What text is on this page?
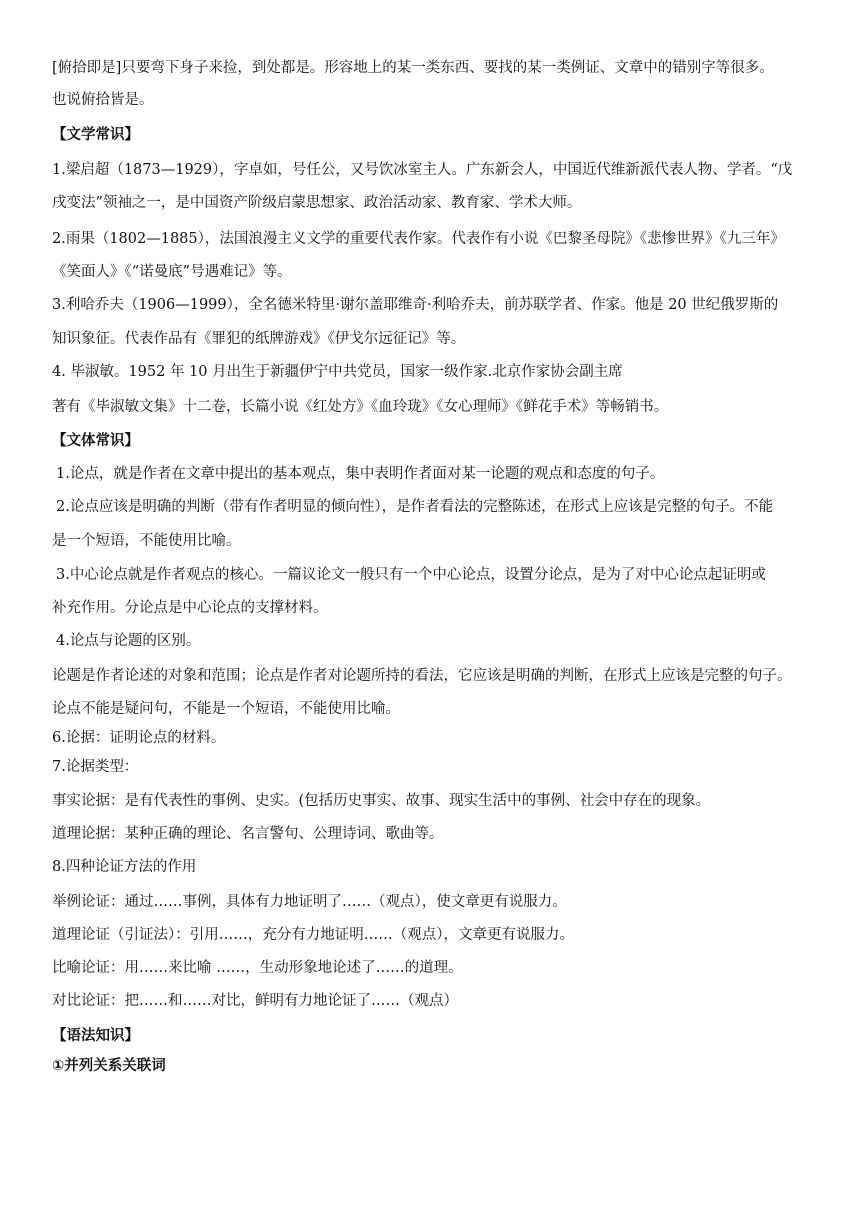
[俯拾即是]只要弯下身子来捡，到处都是。形容地上的某一类东西、要找的某一类例证、文章中的错别字等很多。
也说俯拾皆是。
【文学常识】
1.梁启超（1873—1929），字卓如，号任公，又号饮冰室主人。广东新会人，中国近代维新派代表人物、学者。“戊
戌变法”领袖之一，是中国资产阶级启蒙思想家、政治活动家、教育家、学术大师。
2.雨果（1802—1885），法国浪漫主义文学的重要代表作家。代表作有小说《巴黎圣母院》《悲惨世界》《九三年》
《笑面人》《“诺曼底”号遇难记》等。
3.利哈乔夫（1906—1999），全名德米特里·谢尔盖耶维奇·利哈乔夫，前苏联学者、作家。他是 20 世纪俄罗斯的
知识象征。代表作品有《罪犯的纸牌游戏》《伊戈尔远征记》等。
4. 毕淑敏。1952 年 10 月出生于新疆伊宁中共党员，国家一级作家.北京作家协会副主席
著有《毕淑敏文集》十二卷，长篇小说《红处方》《血玲珑》《女心理师》《鲜花手术》等畅销书。
【文体常识】
1.论点，就是作者在文章中提出的基本观点，集中表明作者面对某一论题的观点和态度的句子。
2.论点应该是明确的判断（带有作者明显的倾向性），是作者看法的完整陈述，在形式上应该是完整的句子。不能
是一个短语，不能使用比喻。
3.中心论点就是作者观点的核心。一篇议论文一般只有一个中心论点，设置分论点，是为了对中心论点起证明或
补充作用。分论点是中心论点的支撑材料。
4.论点与论题的区别。
论题是作者论述的对象和范围；论点是作者对论题所持的看法，它应该是明确的判断，在形式上应该是完整的句子。
论点不能是疑问句，不能是一个短语，不能使用比喻。
6.论据：证明论点的材料。
7.论据类型：
事实论据：是有代表性的事例、史实。(包括历史事实、故事、现实生活中的事例、社会中存在的现象。
道理论据：某种正确的理论、名言警句、公理诗词、歌曲等。
8.四种论证方法的作用
举例论证：通过……事例，具体有力地证明了……（观点），使文章更有说服力。
道理论证（引证法）：引用……，充分有力地证明……（观点），文章更有说服力。
比喻论证：用……来比喻 ……，生动形象地论述了……的道理。
对比论证：把……和……对比，鲜明有力地论证了……（观点）
【语法知识】
①并列关系关联词
